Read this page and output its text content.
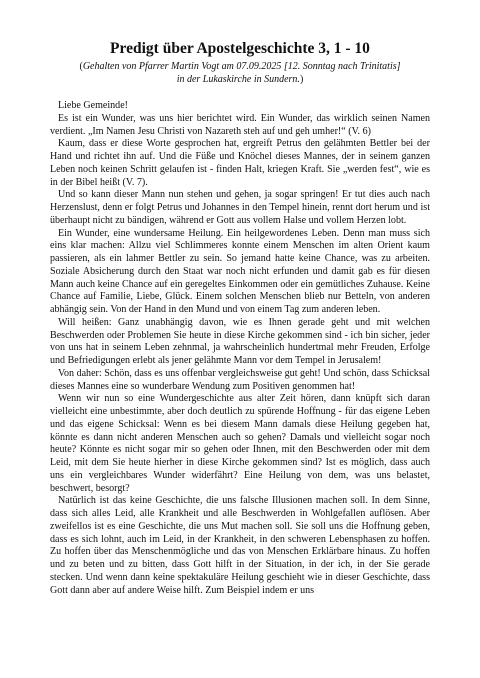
Predigt über Apostelgeschichte 3, 1 - 10
(Gehalten von Pfarrer Martin Vogt am 07.09.2025 [12. Sonntag nach Trinitatis]
in der Lukaskirche in Sundern.)

Liebe Gemeinde!

Es ist ein Wunder, was uns hier berichtet wird. Ein Wunder, das wirklich seinen Namen verdient. „Im Namen Jesu Christi von Nazareth steh auf und geh umher!“ (V. 6)

Kaum, dass er diese Worte gesprochen hat, ergreift Petrus den gelähmten Bettler bei der Hand und richtet ihn auf. Und die Füße und Knöchel dieses Mannes, der in seinem ganzen Leben noch keinen Schritt gelaufen ist - finden Halt, kriegen Kraft. Sie „werden fest“, wie es in der Bibel heißt (V. 7).

Und so kann dieser Mann nun stehen und gehen, ja sogar springen! Er tut dies auch nach Herzenslust, denn er folgt Petrus und Johannes in den Tempel hinein, rennt dort herum und ist überhaupt nicht zu bändigen, während er Gott aus vollem Halse und vollem Herzen lobt.

Ein Wunder, eine wundersame Heilung. Ein heilgewordenes Leben. Denn man muss sich eins klar machen: Allzu viel Schlimmeres konnte einem Menschen im alten Orient kaum passieren, als ein lahmer Bettler zu sein. So jemand hatte keine Chance, was zu arbeiten. Soziale Absicherung durch den Staat war noch nicht erfunden und damit gab es für diesen Mann auch keine Chance auf ein geregeltes Einkommen oder ein gemütliches Zuhause. Keine Chance auf Familie, Liebe, Glück. Einem solchen Menschen blieb nur Betteln, von anderen abhängig sein. Von der Hand in den Mund und von einem Tag zum anderen leben.

Will heißen: Ganz unabhängig davon, wie es Ihnen gerade geht und mit welchen Beschwerden oder Problemen Sie heute in diese Kirche gekommen sind - ich bin sicher, jeder von uns hat in seinem Leben zehnmal, ja wahrscheinlich hundertmal mehr Freuden, Erfolge und Befriedigungen erlebt als jener gelähmte Mann vor dem Tempel in Jerusalem!

Von daher: Schön, dass es uns offenbar vergleichsweise gut geht! Und schön, dass Schicksal dieses Mannes eine so wunderbare Wendung zum Positiven genommen hat!

Wenn wir nun so eine Wundergeschichte aus alter Zeit hören, dann knüpft sich daran vielleicht eine unbestimmte, aber doch deutlich zu spürende Hoffnung - für das eigene Leben und das eigene Schicksal: Wenn es bei diesem Mann damals diese Heilung gegeben hat, könnte es dann nicht anderen Menschen auch so gehen? Damals und vielleicht sogar noch heute? Könnte es nicht sogar mir so gehen oder Ihnen, mit den Beschwerden oder mit dem Leid, mit dem Sie heute hierher in diese Kirche gekommen sind? Ist es möglich, dass auch uns ein vergleichbares Wunder widerfährt? Eine Heilung von dem, was uns belastet, beschwert, besorgt?

Natürlich ist das keine Geschichte, die uns falsche Illusionen machen soll. In dem Sinne, dass sich alles Leid, alle Krankheit und alle Beschwerden in Wohlgefallen auflösen. Aber zweifellos ist es eine Geschichte, die uns Mut machen soll. Sie soll uns die Hoffnung geben, dass es sich lohnt, auch im Leid, in der Krankheit, in den schweren Lebensphasen zu hoffen. Zu hoffen über das Menschenmögliche und das von Menschen Erklärbare hinaus. Zu hoffen und zu beten und zu bitten, dass Gott hilft in der Situation, in der ich, in der Sie gerade stecken. Und wenn dann keine spektakuläre Heilung geschieht wie in dieser Geschichte, dass Gott dann aber auf andere Weise hilft. Zum Beispiel indem er uns
